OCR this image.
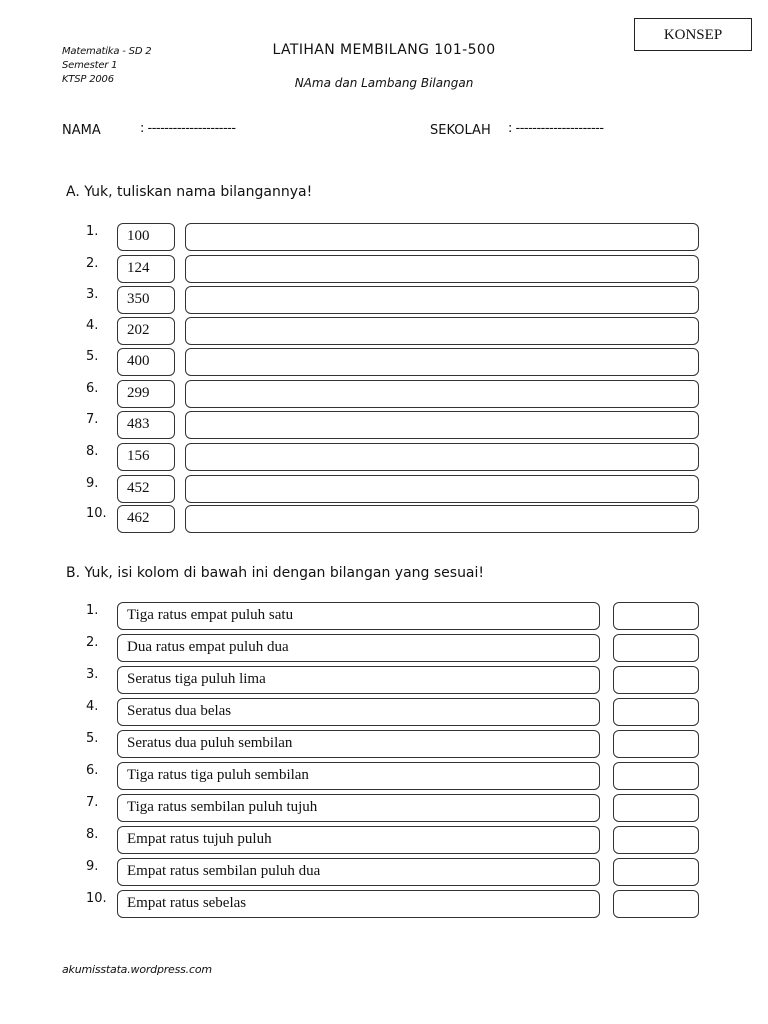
KONSEP
Matematika - SD 2
Semester 1
KTSP 2006
LATIHAN MEMBILANG 101-500
NAma dan Lambang Bilangan
NAMA	: ---------------------	SEKOLAH : ---------------------
A. Yuk, tuliskan nama bilangannya!
1.	100
2.	124
3.	350
4.	202
5.	400
6.	299
7.	483
8.	156
9.	452
10.	462
B. Yuk, isi kolom di bawah ini dengan bilangan yang sesuai!
1.	Tiga ratus empat puluh satu
2.	Dua ratus empat puluh dua
3.	Seratus tiga puluh lima
4.	Seratus dua belas
5.	Seratus dua puluh sembilan
6.	Tiga ratus tiga puluh sembilan
7.	Tiga ratus sembilan puluh tujuh
8.	Empat ratus tujuh puluh
9.	Empat ratus sembilan puluh dua
10.	Empat ratus sebelas
akumisstata.wordpress.com
